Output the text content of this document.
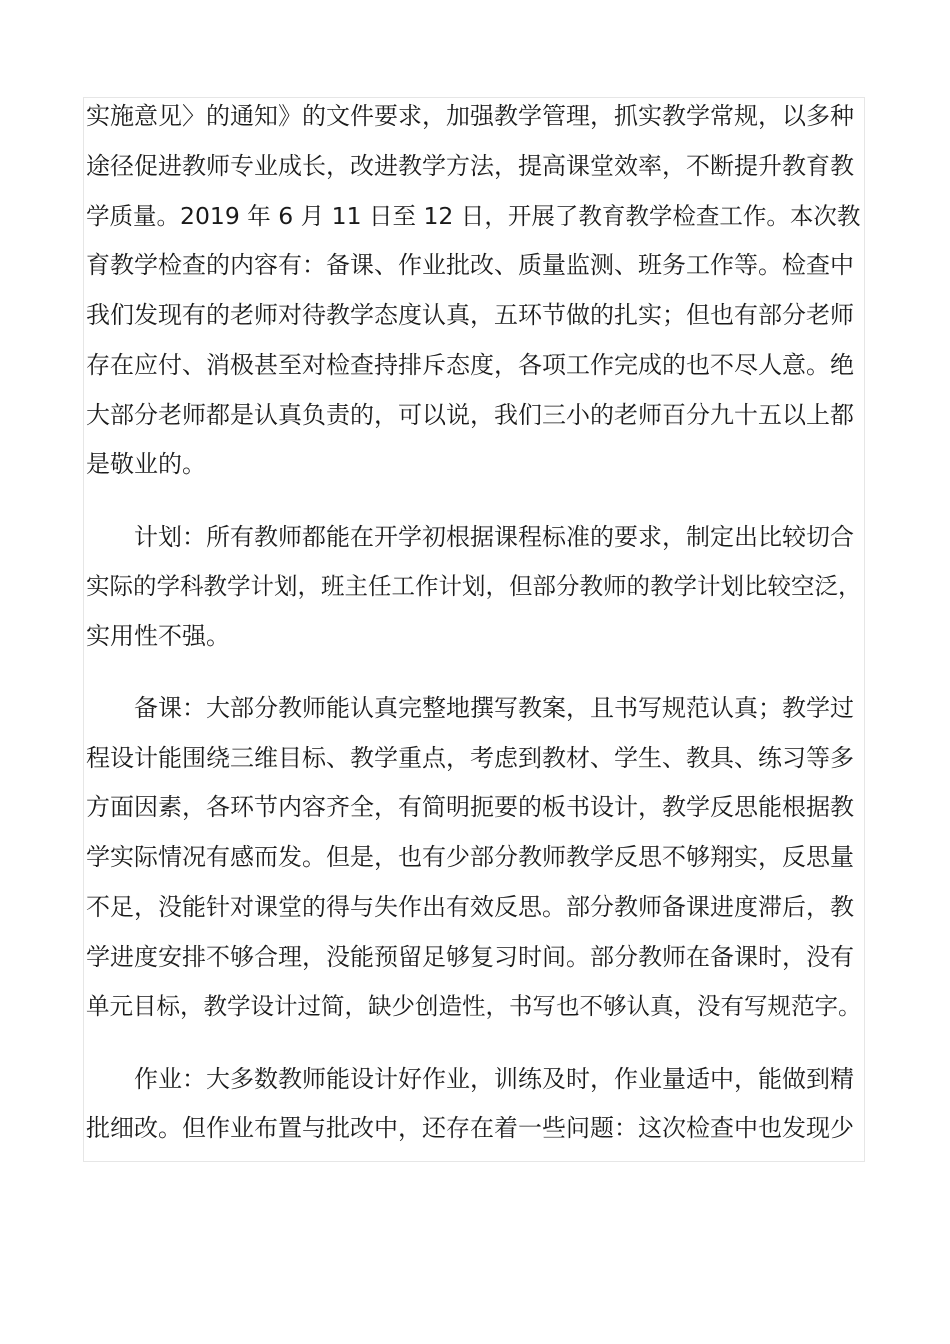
实施意见〉的通知》的文件要求，加强教学管理，抓实教学常规，以多种
途径促进教师专业成长，改进教学方法，提高课堂效率，不断提升教育教
学质量。2019 年 6 月 11 日至 12 日，开展了教育教学检查工作。本次教
育教学检查的内容有：备课、作业批改、质量监测、班务工作等。检查中
我们发现有的老师对待教学态度认真，五环节做的扎实；但也有部分老师
存在应付、消极甚至对检查持排斥态度，各项工作完成的也不尽人意。绝
大部分老师都是认真负责的，可以说，我们三小的老师百分九十五以上都
是敬业的。
计划：所有教师都能在开学初根据课程标准的要求，制定出比较切合
实际的学科教学计划，班主任工作计划，但部分教师的教学计划比较空泛，
实用性不强。
备课：大部分教师能认真完整地撰写教案，且书写规范认真；教学过
程设计能围绕三维目标、教学重点，考虑到教材、学生、教具、练习等多
方面因素，各环节内容齐全，有简明扼要的板书设计，教学反思能根据教
学实际情况有感而发。但是，也有少部分教师教学反思不够翔实，反思量
不足，没能针对课堂的得与失作出有效反思。部分教师备课进度滞后，教
学进度安排不够合理，没能预留足够复习时间。部分教师在备课时，没有
单元目标，教学设计过简，缺少创造性，书写也不够认真，没有写规范字。
作业：大多数教师能设计好作业，训练及时，作业量适中，能做到精
批细改。但作业布置与批改中，还存在着一些问题：这次检查中也发现少
